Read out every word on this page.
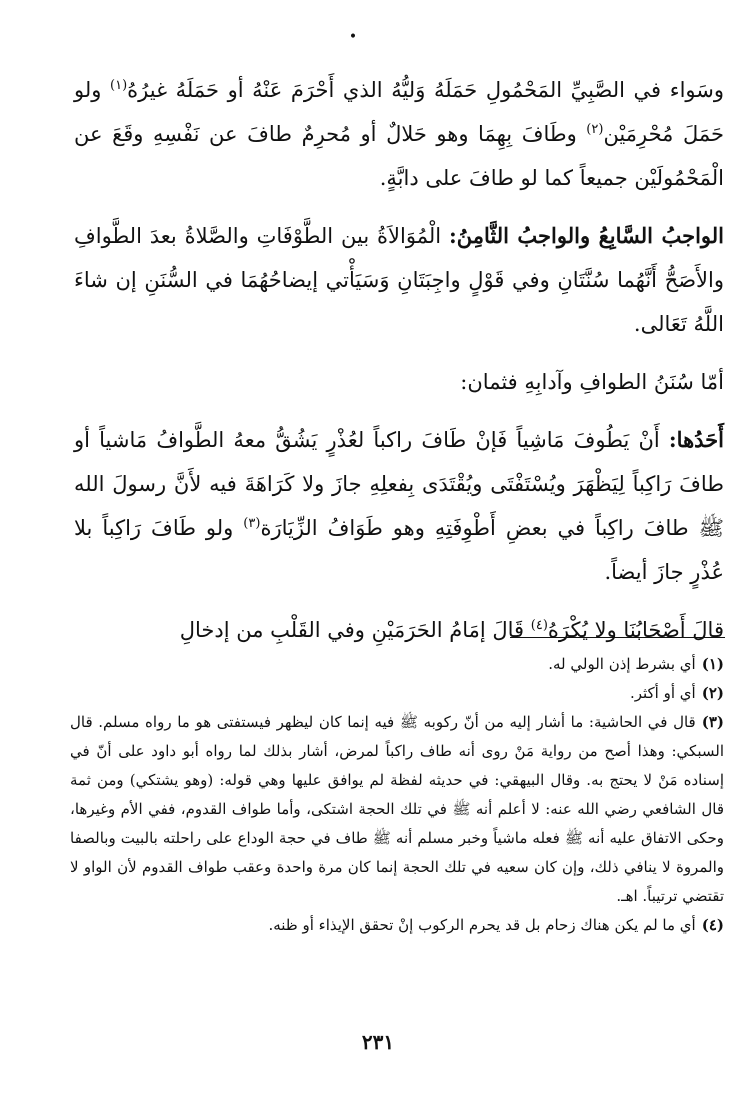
•

وسَواء في الصَّبِيِّ المَحْمُولِ حَمَلَهُ وَليُّهُ الذي أَحْرَمَ عَنْهُ أو حَمَلَهُ غيرُهُ$^{(١)}$ ولو حَمَلَ مُحْرِمَيْن$^{(٢)}$ وطَافَ بِهِمَا وهو حَلالٌ أو مُحرِمٌ طافَ عن نَفْسِهِ وقَعَ عن الْمَحْمُولَيْن جميعاً كما لو طافَ على دابَّةٍ.

الواجبُ السَّابِعُ والواجبُ الثَّامِنُ: الْمُوَالاَةُ بين الطَّوْفَاتِ والصَّلاةُ بعدَ الطَّوافِ والأَصَحُّ أَنَّهُما سُنَّتَانِ وفي قَوْلٍ واجِبَتَانِ وَسَيَأْتي إيضاحُهُمَا في السُّنَنِ إن شاءَ اللَّهُ تَعَالى.

أمّا سُنَنُ الطوافِ وآدابِهِ فثمان:

أَحَدُها: أَنْ يَطُوفَ مَاشِياً فَإنْ طَافَ راكباً لعُذْرٍ يَشُقُّ معهُ الطَّوافُ مَاشياً أو طافَ رَاكِباً لِيَظْهَرَ ويُسْتَفْتَى ويُقْتَدَى بِفعلِهِ جازَ ولا كَرَاهَةَ فيه لأَنَّ رسولَ الله ﷺ طافَ راكِباً في بعضِ أَطْوِفَتِهِ وهو طَوَافُ الزِّيَارَة$^{(٣)}$ ولو طَافَ رَاكِباً بلا عُذْرٍ جازَ أيضاً.

قالَ أَصْحَابُنَا ولا يُكْرَهُ$^{(٤)}$ قَالَ إمَامُ الحَرَمَيْنِ وفي القَلْبِ من إدخالِ

(١)أي بشرط إذن الولي له.

(٢)أي أو أكثر.

(٣)قال في الحاشية: ما أشار إليه من أنّ ركوبه ﷺ فيه إنما كان ليظهر فيستفتى هو ما رواه مسلم. قال السبكي: وهذا أصح من رواية مَنْ روى أنه طاف راكباً لمرض، أشار بذلك لما رواه أبو داود على أنّ في إسناده مَنْ لا يحتج به. وقال البيهقي: في حديثه لفظة لم يوافق عليها وهي قوله: (وهو يشتكي) ومن ثمة قال الشافعي رضي الله عنه: لا أعلم أنه ﷺ في تلك الحجة اشتكى، وأما طواف القدوم، ففي الأم وغيرها، وحكى الاتفاق عليه أنه ﷺ فعله ماشياً وخبر مسلم أنه ﷺ طاف في حجة الوداع على راحلته بالبيت وبالصفا والمروة لا ينافي ذلك، وإن كان سعيه في تلك الحجة إنما كان مرة واحدة وعقب طواف القدوم لأن الواو لا تقتضي ترتيباً. اهـ.

(٤)أي ما لم يكن هناك زحام بل قد يحرم الركوب إنْ تحقق الإيذاء أو ظنه.

٢٣١
